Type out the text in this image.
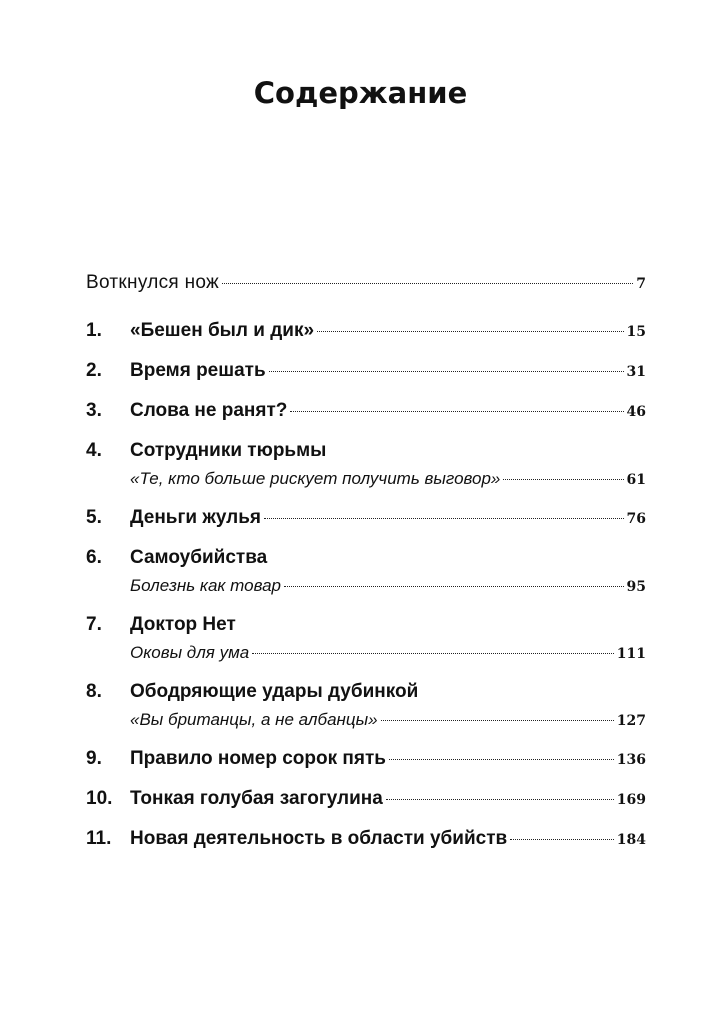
Содержание
Воткнулся нож	7
1.	«Бешен был и дик»	15
2.	Время решать	31
3.	Слова не ранят?	46
4.	Сотрудники тюрьмы
«Те, кто больше рискует получить выговор»	61
5.	Деньги жулья	76
6.	Самоубийства
Болезнь как товар	95
7.	Доктор Нет
Оковы для ума	111
8.	Ободряющие удары дубинкой
«Вы британцы, а не албанцы»	127
9.	Правило номер сорок пять	136
10. Тонкая голубая загогулина	169
11. Новая деятельность в области убийств	184
